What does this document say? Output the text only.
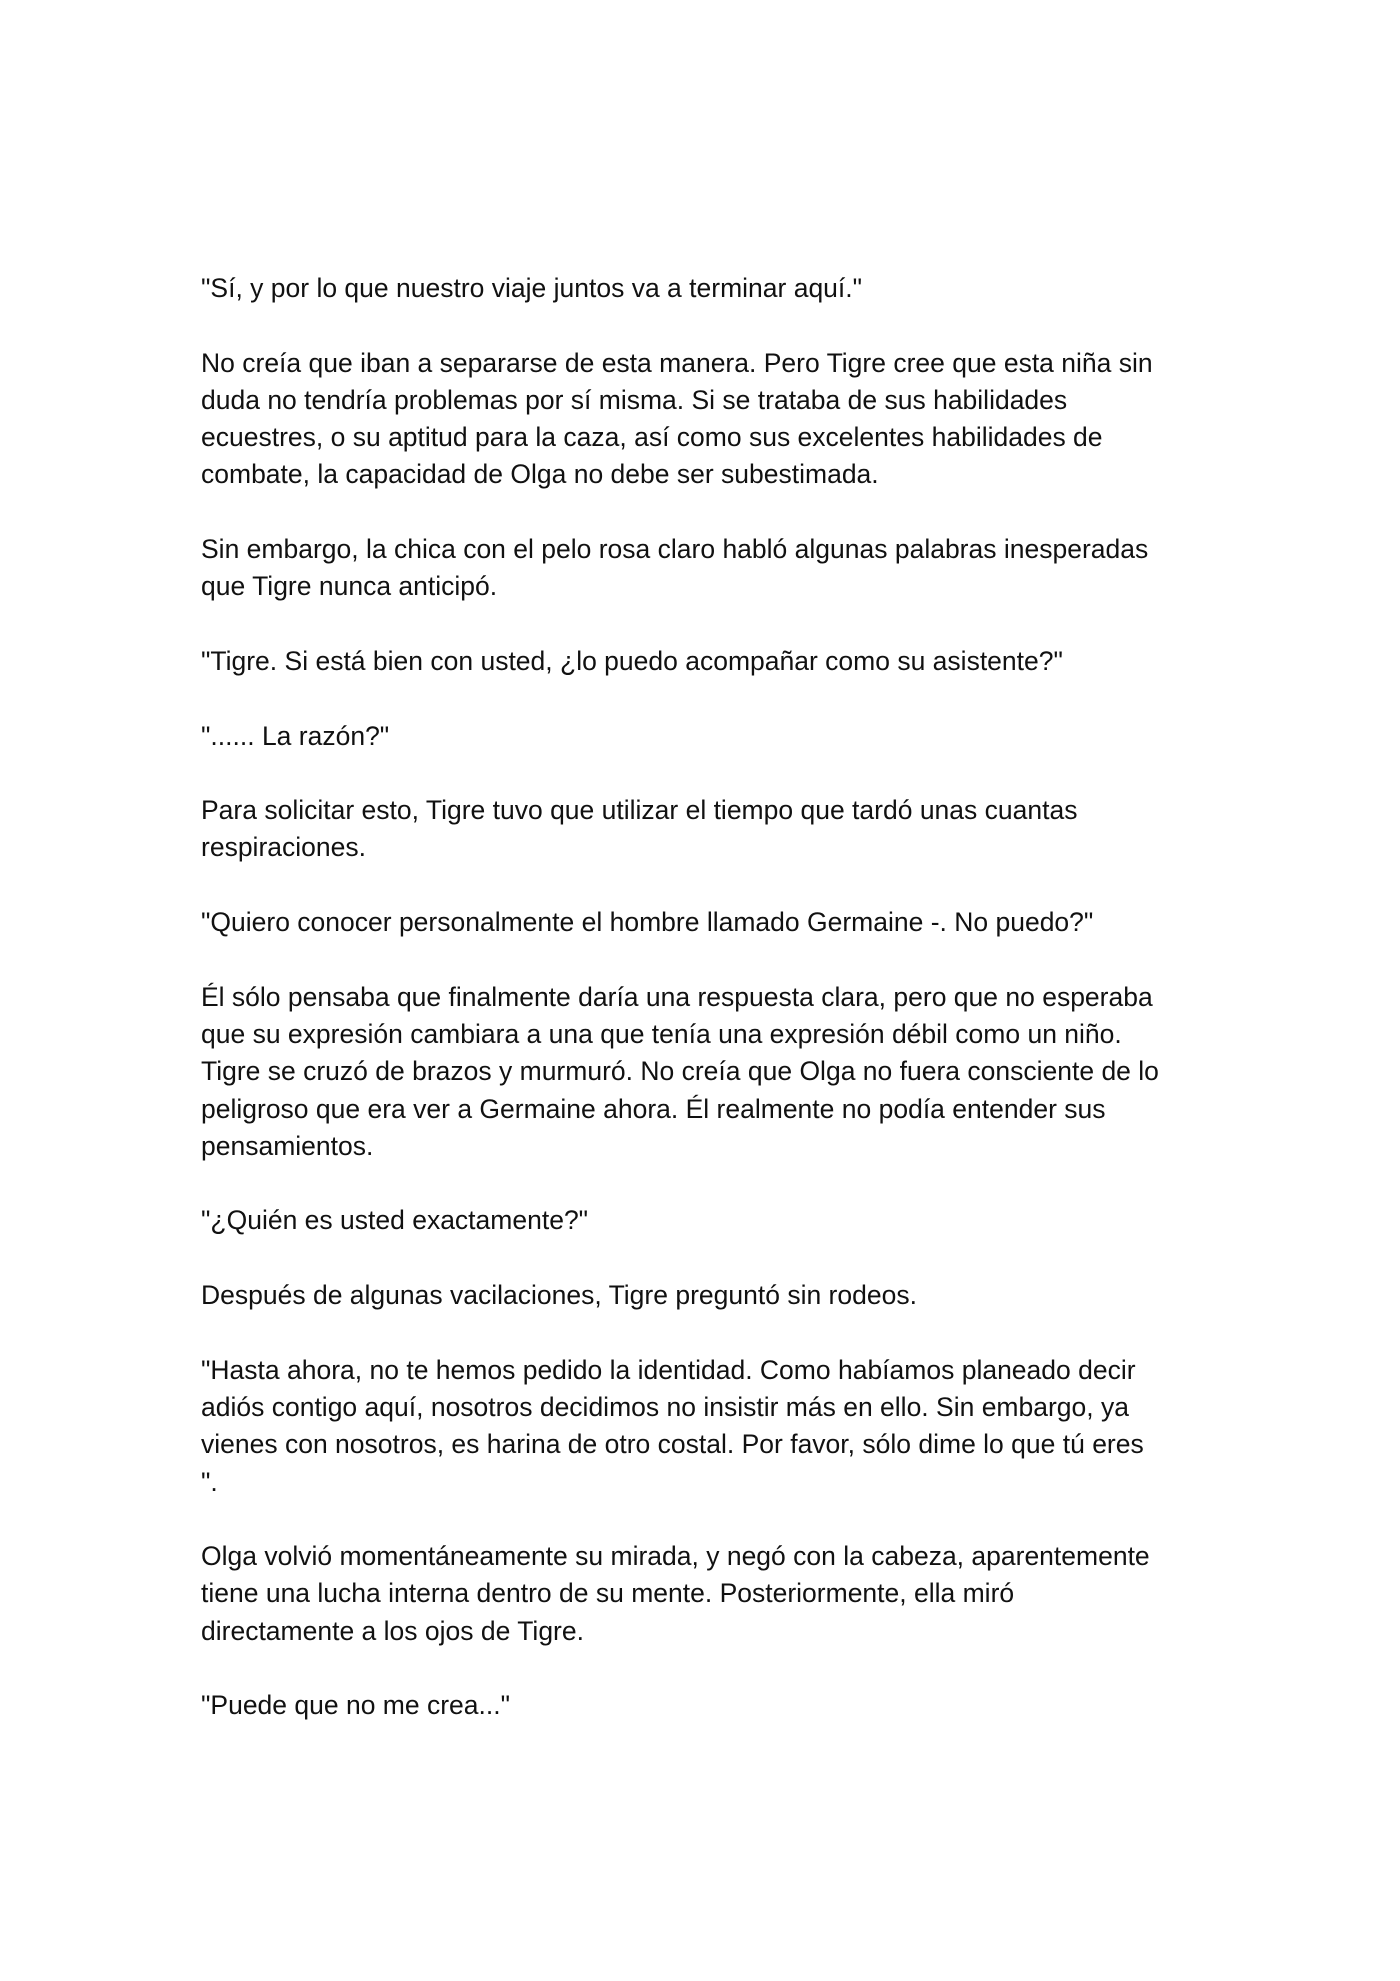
"Sí, y por lo que nuestro viaje juntos va a terminar aquí."

No creía que iban a separarse de esta manera. Pero Tigre cree que esta niña sin
duda no tendría problemas por sí misma. Si se trataba de sus habilidades
ecuestres, o su aptitud para la caza, así como sus excelentes habilidades de
combate, la capacidad de Olga no debe ser subestimada.

Sin embargo, la chica con el pelo rosa claro habló algunas palabras inesperadas
que Tigre nunca anticipó.

"Tigre. Si está bien con usted, ¿lo puedo acompañar como su asistente?"

"...... La razón?"

Para solicitar esto, Tigre tuvo que utilizar el tiempo que tardó unas cuantas
respiraciones.

"Quiero conocer personalmente el hombre llamado Germaine -. No puedo?"

Él sólo pensaba que finalmente daría una respuesta clara, pero que no esperaba
que su expresión cambiara a una que tenía una expresión débil como un niño.
Tigre se cruzó de brazos y murmuró. No creía que Olga no fuera consciente de lo
peligroso que era ver a Germaine ahora. Él realmente no podía entender sus
pensamientos.

"¿Quién es usted exactamente?"

Después de algunas vacilaciones, Tigre preguntó sin rodeos.

"Hasta ahora, no te hemos pedido la identidad. Como habíamos planeado decir
adiós contigo aquí, nosotros decidimos no insistir más en ello. Sin embargo, ya
vienes con nosotros, es harina de otro costal. Por favor, sólo dime lo que tú eres
".

Olga volvió momentáneamente su mirada, y negó con la cabeza, aparentemente
tiene una lucha interna dentro de su mente. Posteriormente, ella miró
directamente a los ojos de Tigre.

"Puede que no me crea..."
